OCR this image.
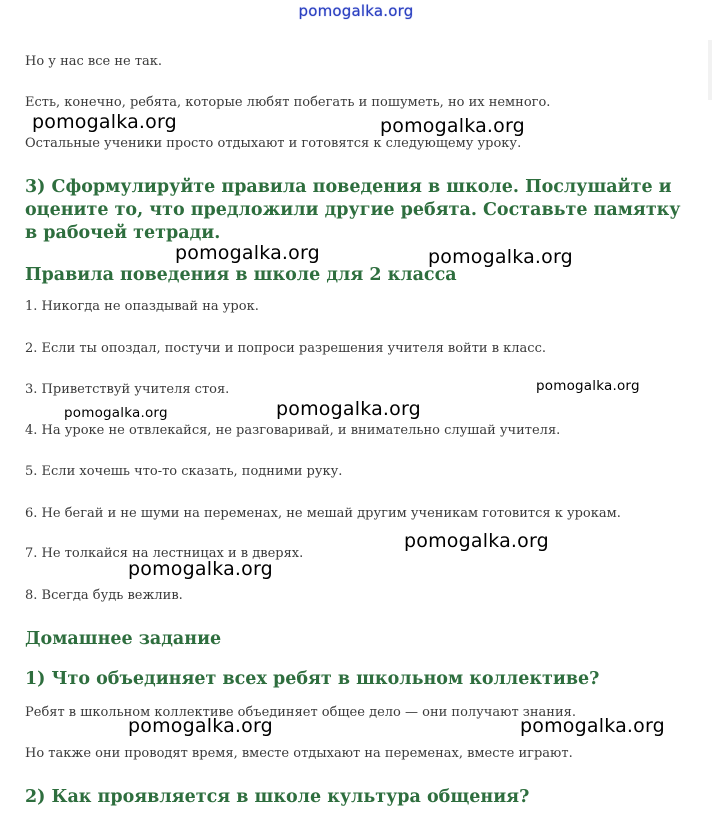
pomogalka.org

Но у нас все не так.

Есть, конечно, ребята, которые любят побегать и пошуметь, но их немного.

Остальные ученики просто отдыхают и готовятся к следующему уроку.

3) Сформулируйте правила поведения в школе. Послушайте и оцените то, что предложили другие ребята. Составьте памятку в рабочей тетради.
Правила поведения в школе для 2 класса

1. Никогда не опаздывай на урок.

2. Если ты опоздал, постучи и попроси разрешения учителя войти в класс.

3. Приветствуй учителя стоя.

4. На уроке не отвлекайся, не разговаривай, и внимательно слушай учителя.

5. Если хочешь что-то сказать, подними руку.

6. Не бегай и не шуми на переменах, не мешай другим ученикам готовится к урокам.

7. Не толкайся на лестницах и в дверях.

8. Всегда будь вежлив.

Домашнее задание
1) Что объединяет всех ребят в школьном коллективе?

Ребят в школьном коллективе объединяет общее дело — они получают знания.

Но также они проводят время, вместе отдыхают на переменах, вместе играют.

2) Как проявляется в школе культура общения?
pomogalka.org	pomogalka.org
pomogalka.org	pomogalka.org
pomogalka.org
pomogalka.org	pomogalka.org
pomogalka.org
pomogalka.org
pomogalka.org	pomogalka.org
